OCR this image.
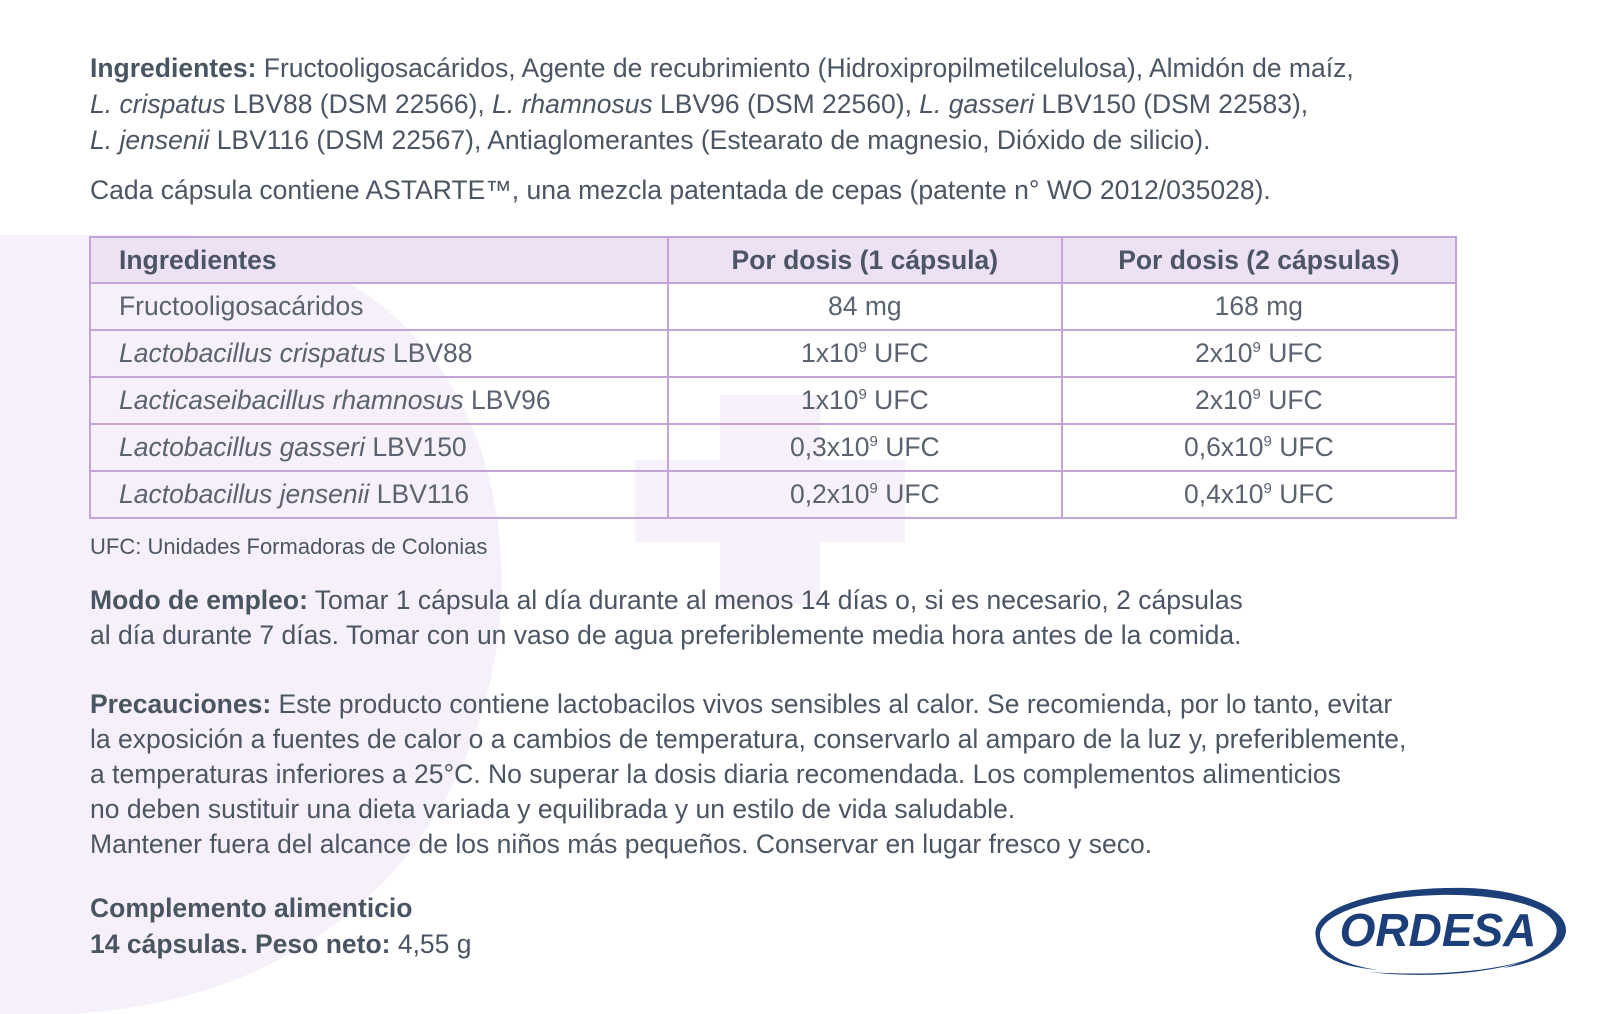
Ingredientes: Fructooligosacáridos, Agente de recubrimiento (Hidroxipropilmetilcelulosa), Almidón de maíz,
L. crispatus LBV88 (DSM 22566), L. rhamnosus LBV96 (DSM 22560), L. gasseri LBV150 (DSM 22583),
L. jensenii LBV116 (DSM 22567), Antiaglomerantes (Estearato de magnesio, Dióxido de silicio).

Cada cápsula contiene ASTARTE™, una mezcla patentada de cepas (patente n° WO 2012/035028).

Ingredientes	Por dosis (1 cápsula)	Por dosis (2 cápsulas)
Fructooligosacáridos	84 mg	168 mg
Lactobacillus crispatus LBV88	$1x10^9$ UFC	$2x10^9$ UFC
Lacticaseibacillus rhamnosus LBV96	$1x10^9$ UFC	$2x10^9$ UFC
Lactobacillus gasseri LBV150	$0,3x10^9$ UFC	$0,6x10^9$ UFC
Lactobacillus jensenii LBV116	$0,2x10^9$ UFC	$0,4x10^9$ UFC

UFC: Unidades Formadoras de Colonias

Modo de empleo: Tomar 1 cápsula al día durante al menos 14 días o, si es necesario, 2 cápsulas
al día durante 7 días. Tomar con un vaso de agua preferiblemente media hora antes de la comida.

Precauciones: Este producto contiene lactobacilos vivos sensibles al calor. Se recomienda, por lo tanto, evitar
la exposición a fuentes de calor o a cambios de temperatura, conservarlo al amparo de la luz y, preferiblemente,
a temperaturas inferiores a 25°C. No superar la dosis diaria recomendada. Los complementos alimenticios
no deben sustituir una dieta variada y equilibrada y un estilo de vida saludable.
Mantener fuera del alcance de los niños más pequeños. Conservar en lugar fresco y seco.

Complemento alimenticio
14 cápsulas. Peso neto: 4,55 g	ORDESA
